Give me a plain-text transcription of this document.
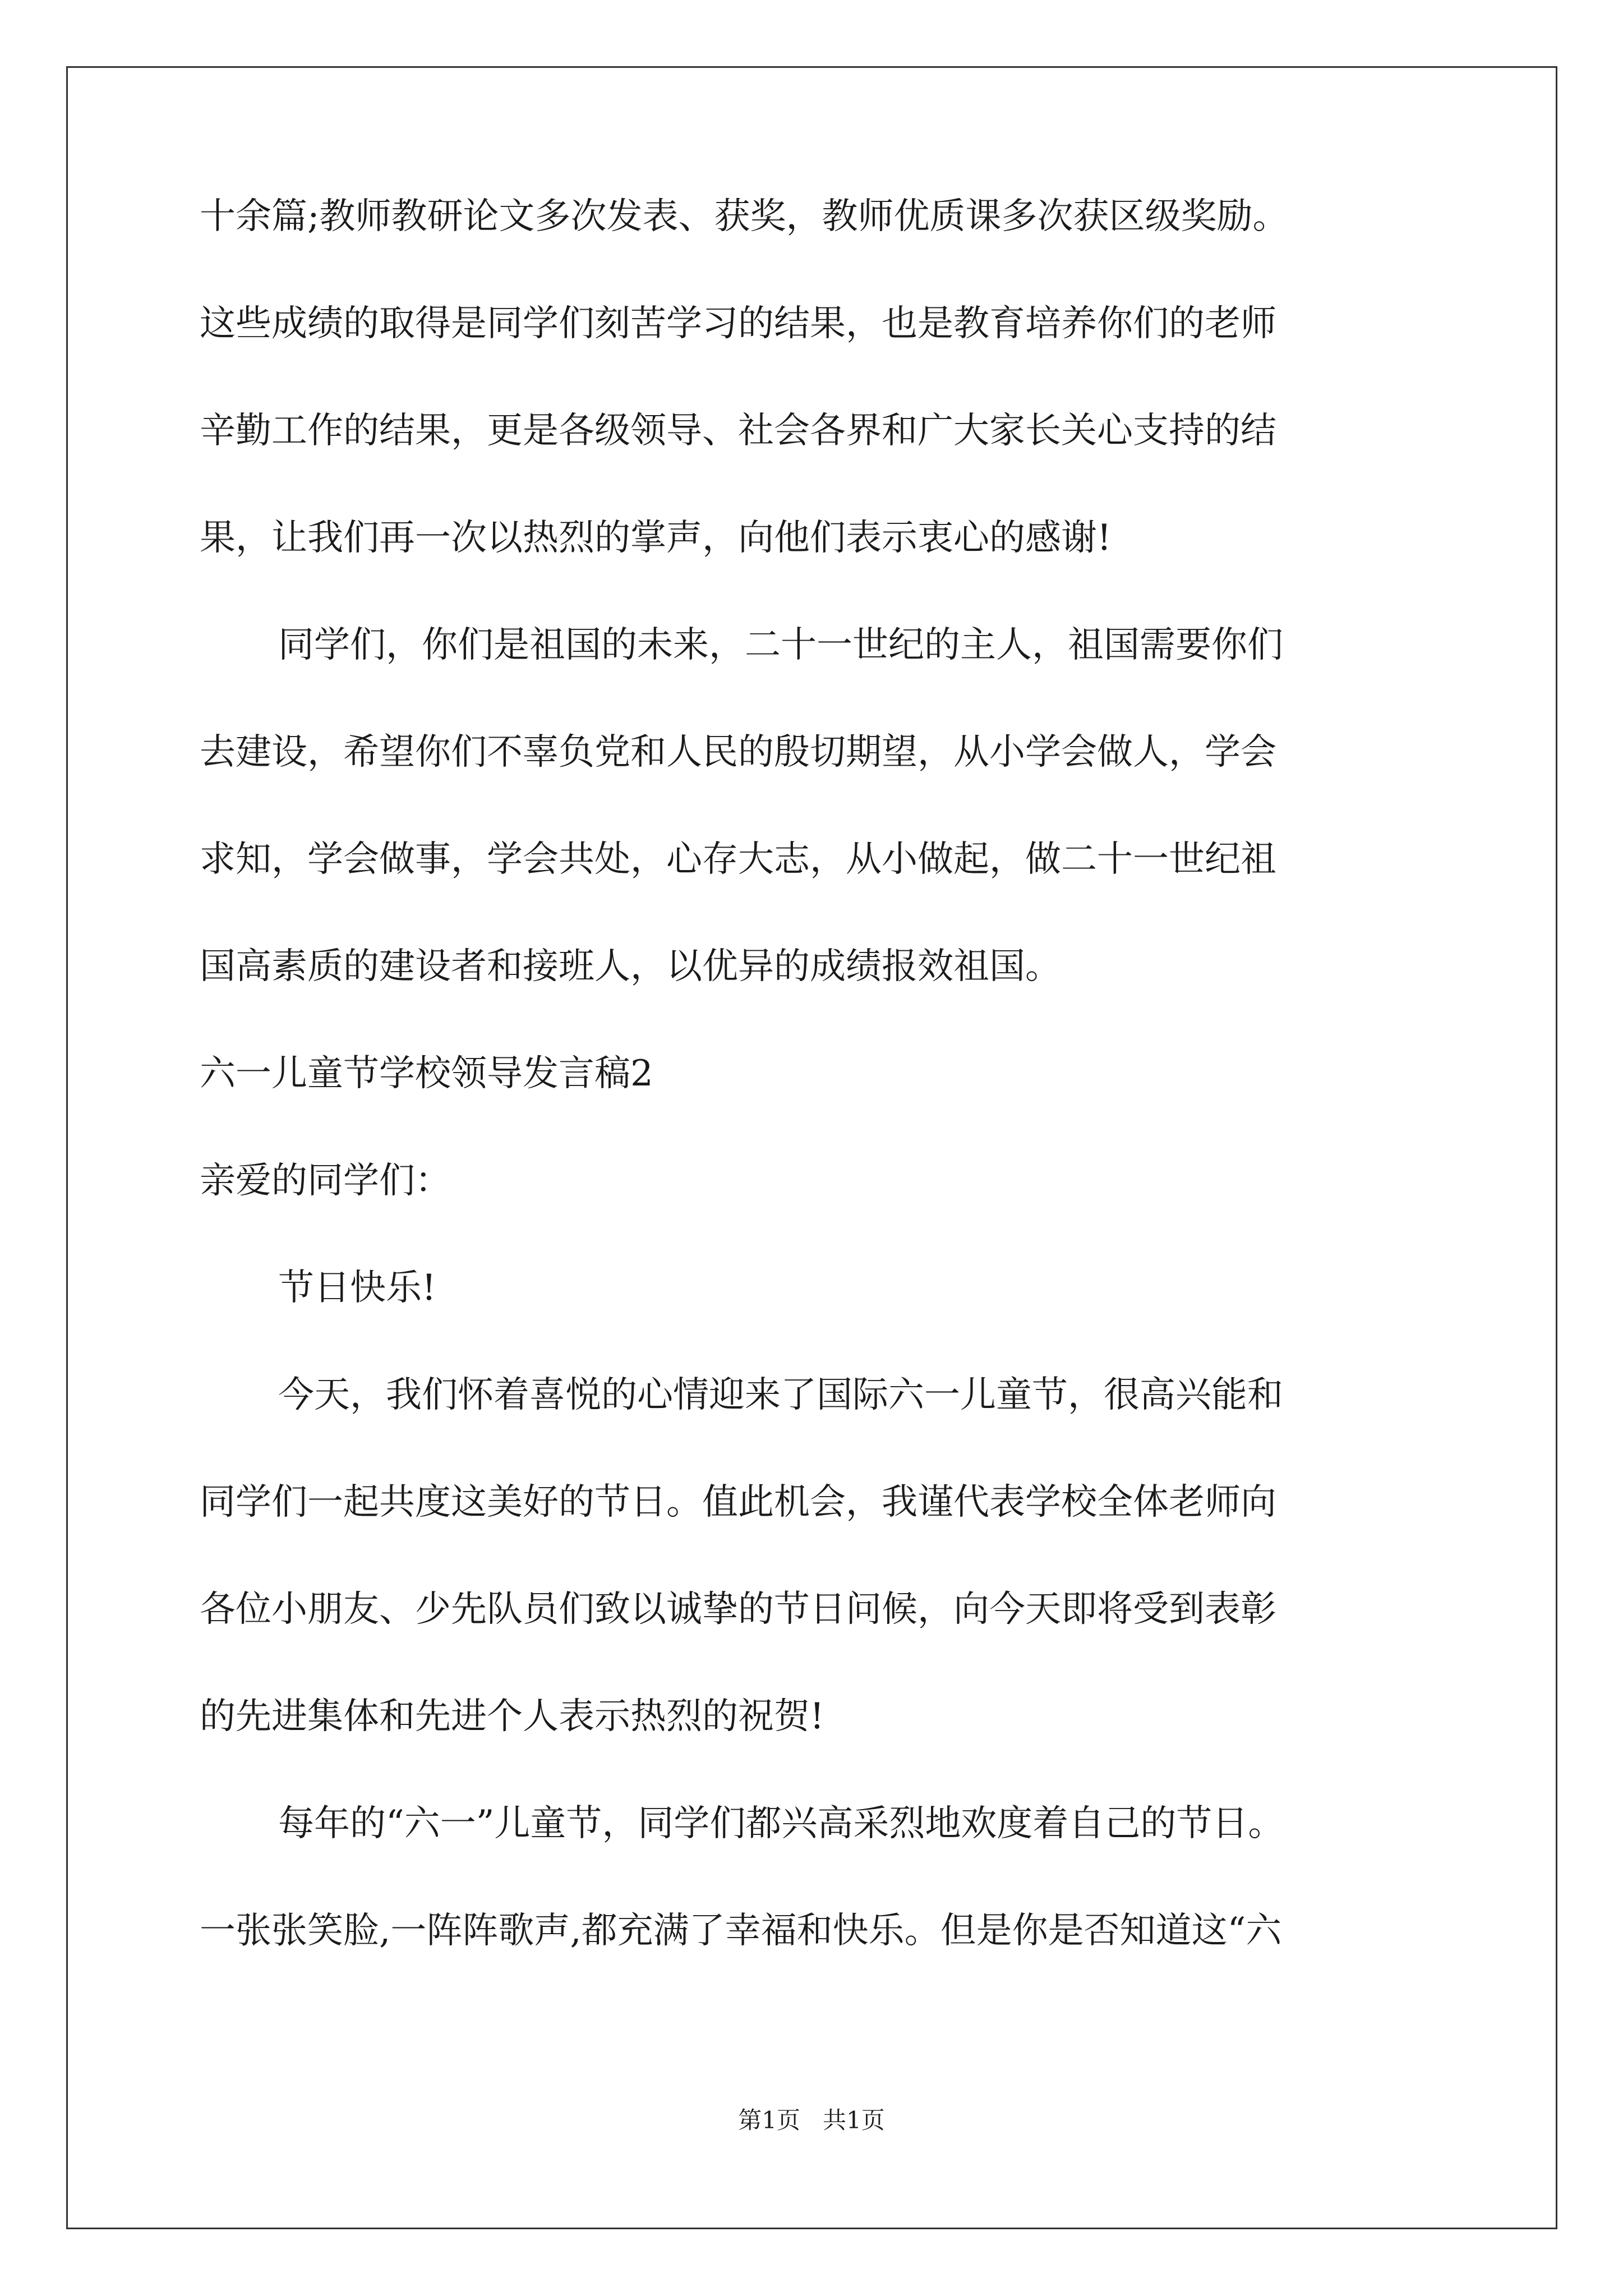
十余篇;教师教研论文多次发表、获奖，教师优质课多次获区级奖励。
这些成绩的取得是同学们刻苦学习的结果，也是教育培养你们的老师
辛勤工作的结果，更是各级领导、社会各界和广大家长关心支持的结
果，让我们再一次以热烈的掌声，向他们表示衷心的感谢!
同学们，你们是祖国的未来，二十一世纪的主人，祖国需要你们
去建设，希望你们不辜负党和人民的殷切期望，从小学会做人，学会
求知，学会做事，学会共处，心存大志，从小做起，做二十一世纪祖
国高素质的建设者和接班人，以优异的成绩报效祖国。
六一儿童节学校领导发言稿2
亲爱的同学们：
节日快乐!
今天，我们怀着喜悦的心情迎来了国际六一儿童节，很高兴能和
同学们一起共度这美好的节日。值此机会，我谨代表学校全体老师向
各位小朋友、少先队员们致以诚挚的节日问候，向今天即将受到表彰
的先进集体和先进个人表示热烈的祝贺!
每年的“六一”儿童节，同学们都兴高采烈地欢度着自己的节日。
一张张笑脸,一阵阵歌声,都充满了幸福和快乐。但是你是否知道这“六
第1页 共1页
